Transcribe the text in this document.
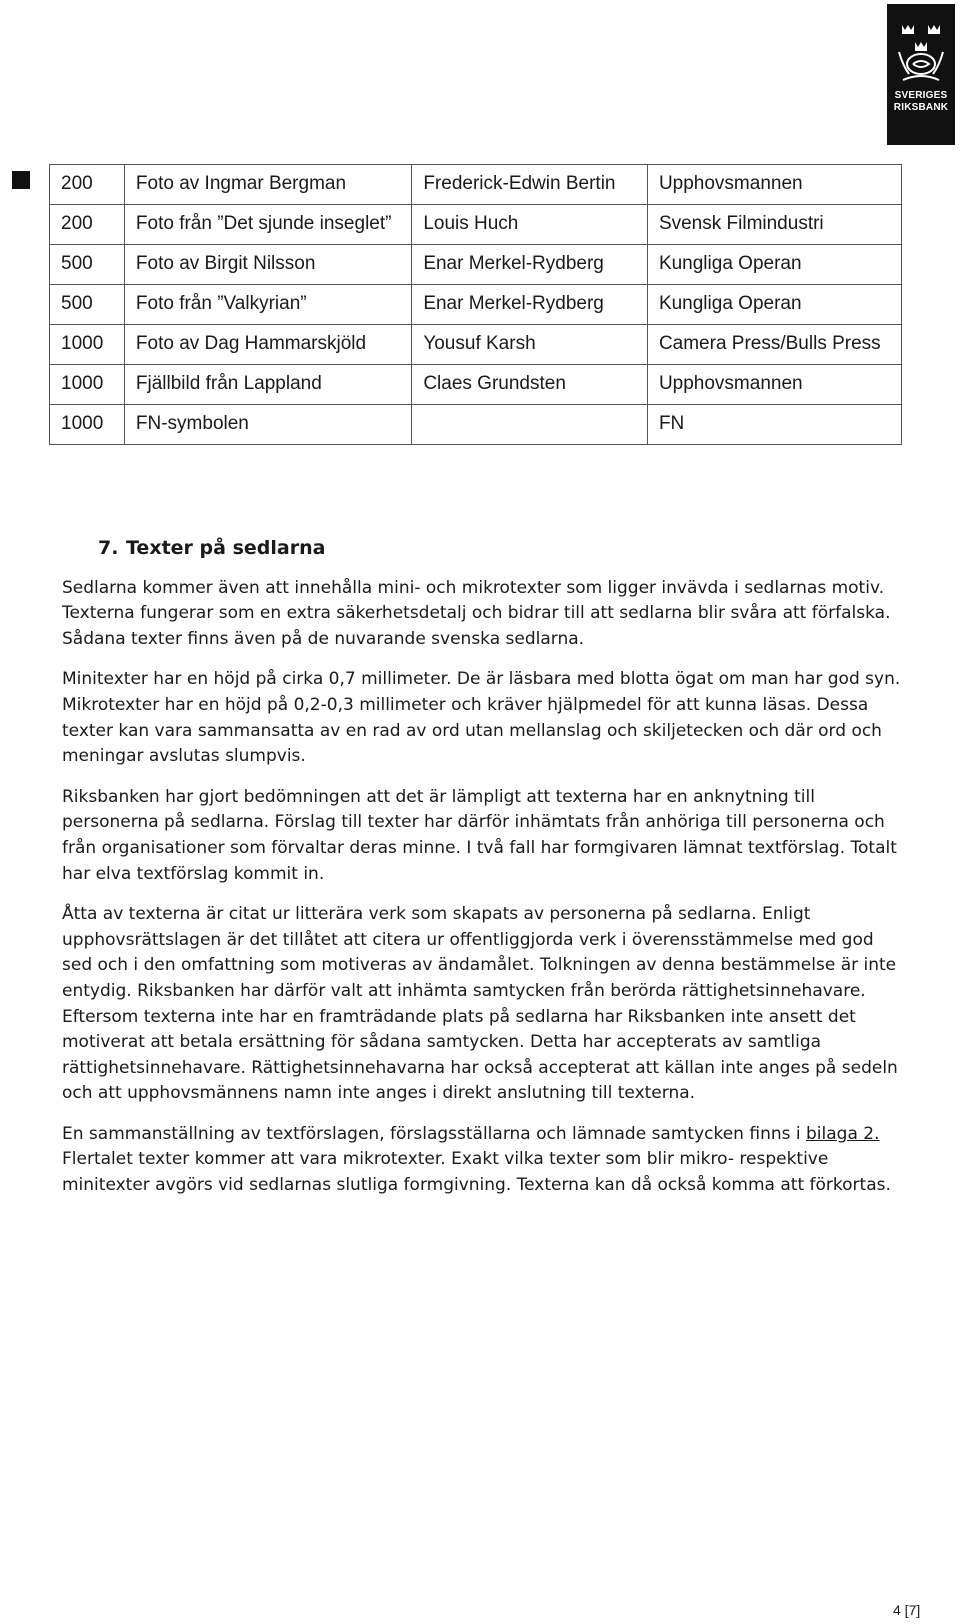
SVERIGES
RIKSBANK
200	Foto av Ingmar Bergman	Frederick-Edwin Bertin	Upphovsmannen
200	Foto från ”Det sjunde inseglet”	Louis Huch	Svensk Filmindustri
500	Foto av Birgit Nilsson	Enar Merkel-Rydberg	Kungliga Operan
500	Foto från ”Valkyrian”	Enar Merkel-Rydberg	Kungliga Operan
1000	Foto av Dag Hammarskjöld	Yousuf Karsh	Camera Press/Bulls Press
1000	Fjällbild från Lappland	Claes Grundsten	Upphovsmannen
1000	FN-symbolen		FN
7. Texter på sedlarna

Sedlarna kommer även att innehålla mini- och mikrotexter som ligger invävda i sedlarnas motiv. Texterna fungerar som en extra säkerhetsdetalj och bidrar till att sedlarna blir svåra att förfalska. Sådana texter finns även på de nuvarande svenska sedlarna.

Minitexter har en höjd på cirka 0,7 millimeter. De är läsbara med blotta ögat om man har god syn. Mikrotexter har en höjd på 0,2-0,3 millimeter och kräver hjälpmedel för att kunna läsas. Dessa texter kan vara sammansatta av en rad av ord utan mellanslag och skiljetecken och där ord och meningar avslutas slumpvis.

Riksbanken har gjort bedömningen att det är lämpligt att texterna har en anknytning till personerna på sedlarna. Förslag till texter har därför inhämtats från anhöriga till personerna och från organisationer som förvaltar deras minne. I två fall har formgivaren lämnat textförslag. Totalt har elva textförslag kommit in.

Åtta av texterna är citat ur litterära verk som skapats av personerna på sedlarna. Enligt upphovsrättslagen är det tillåtet att citera ur offentliggjorda verk i överensstämmelse med god sed och i den omfattning som motiveras av ändamålet. Tolkningen av denna bestämmelse är inte entydig. Riksbanken har därför valt att inhämta samtycken från berörda rättighetsinnehavare. Eftersom texterna inte har en framträdande plats på sedlarna har Riksbanken inte ansett det motiverat att betala ersättning för sådana samtycken. Detta har accepterats av samtliga rättighetsinnehavare. Rättighetsinnehavarna har också accepterat att källan inte anges på sedeln och att upphovsmännens namn inte anges i direkt anslutning till texterna.

En sammanställning av textförslagen, förslagsställarna och lämnade samtycken finns i bilaga 2. Flertalet texter kommer att vara mikrotexter. Exakt vilka texter som blir mikro- respektive minitexter avgörs vid sedlarnas slutliga formgivning. Texterna kan då också komma att förkortas.

4 [7]
